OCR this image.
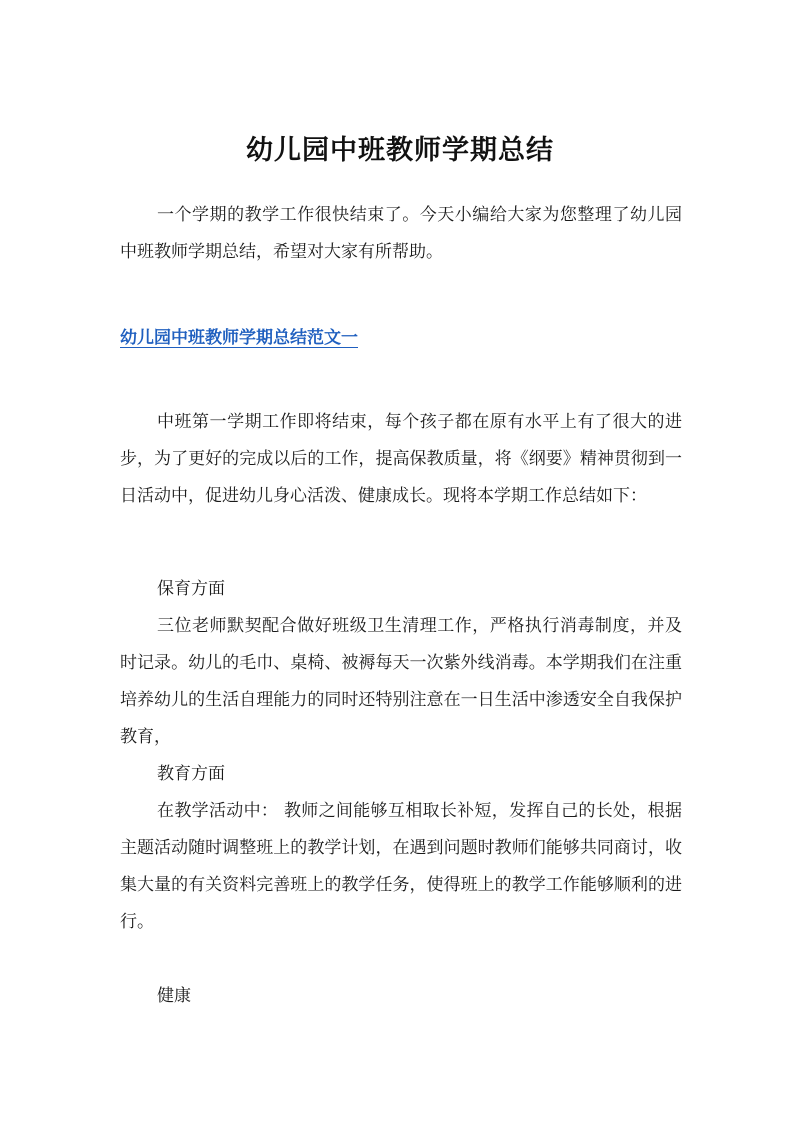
幼儿园中班教师学期总结

一个学期的教学工作很快结束了。今天小编给大家为您整理了幼儿园中班教师学期总结，希望对大家有所帮助。

幼儿园中班教师学期总结范文一

中班第一学期工作即将结束，每个孩子都在原有水平上有了很大的进步，为了更好的完成以后的工作，提高保教质量，将《纲要》精神贯彻到一日活动中，促进幼儿身心活泼、健康成长。现将本学期工作总结如下：

保育方面

三位老师默契配合做好班级卫生清理工作，严格执行消毒制度，并及时记录。幼儿的毛巾、桌椅、被褥每天一次紫外线消毒。本学期我们在注重培养幼儿的生活自理能力的同时还特别注意在一日生活中渗透安全自我保护教育，

教育方面

在教学活动中： 教师之间能够互相取长补短，发挥自己的长处，根据主题活动随时调整班上的教学计划，在遇到问题时教师们能够共同商讨，收集大量的有关资料完善班上的教学任务，使得班上的教学工作能够顺利的进行。

健康
